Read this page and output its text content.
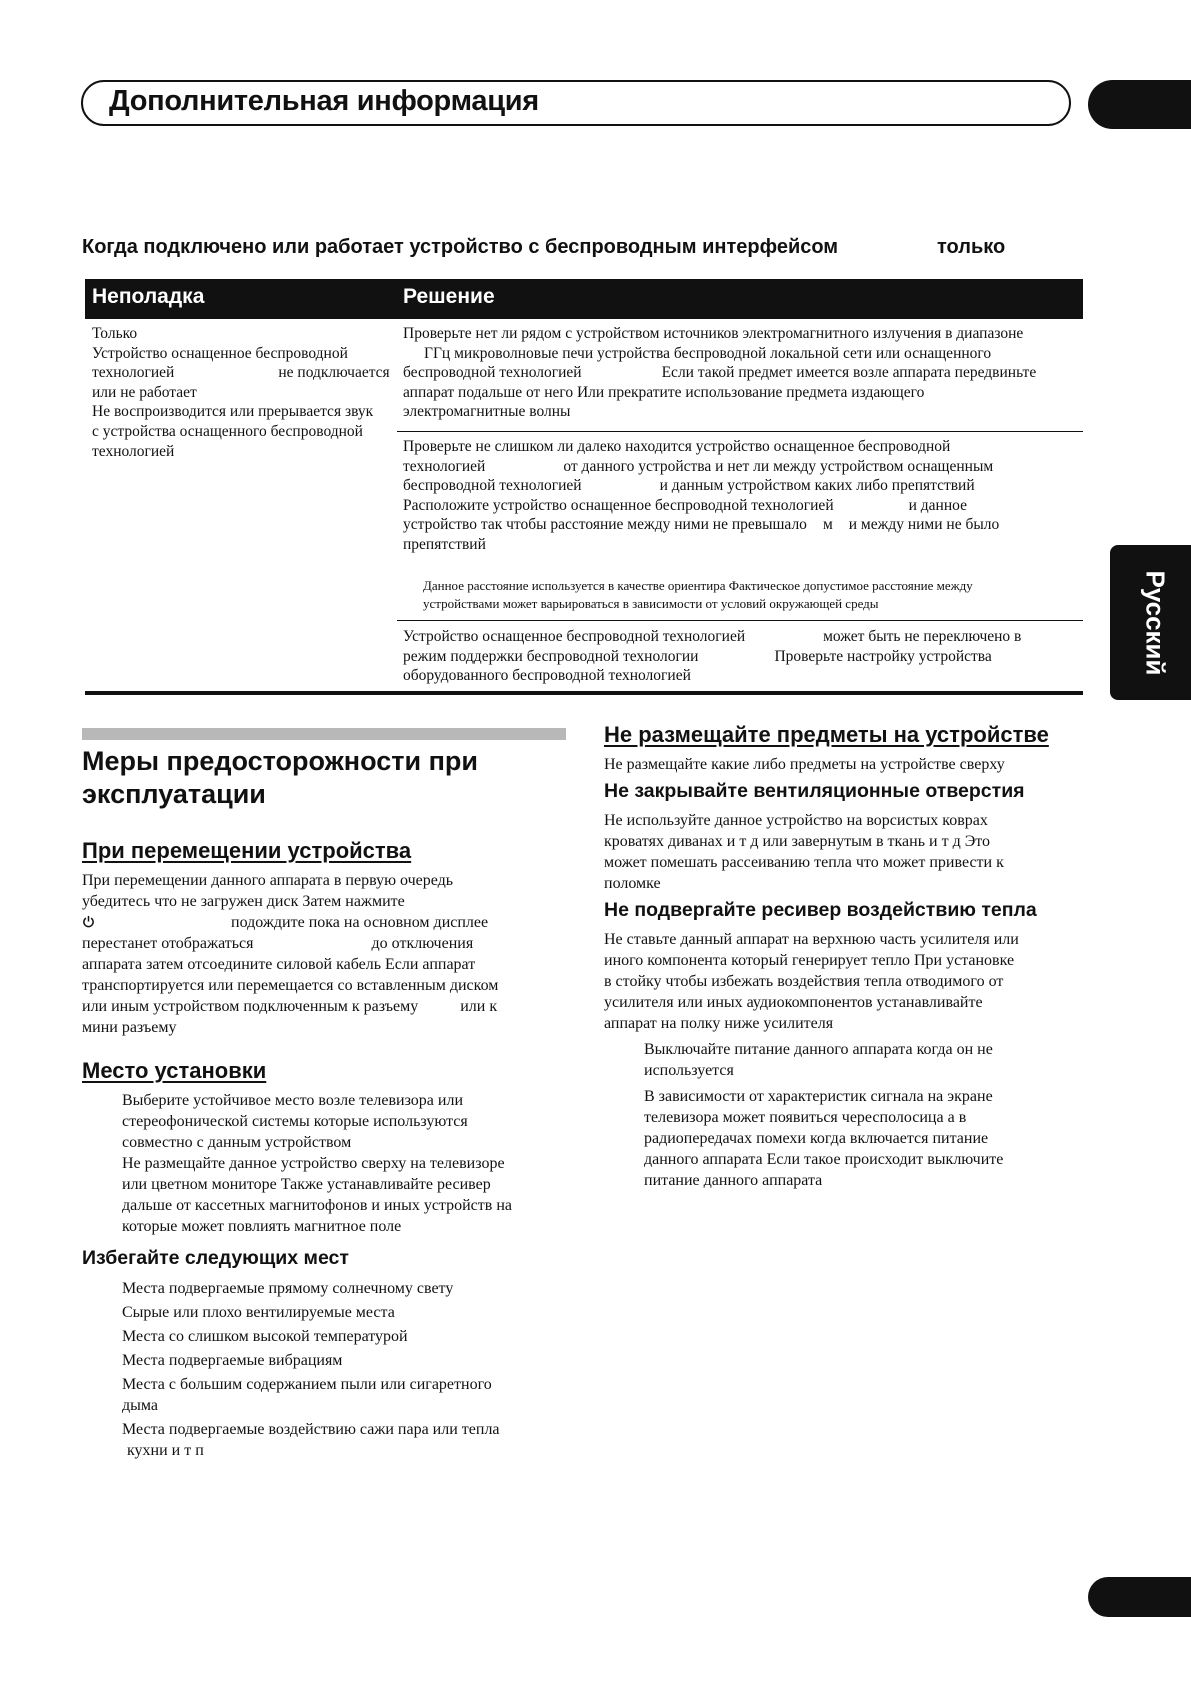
Дополнительная информация
Русский
Когда подключено или работает устройство с беспроводным интерфейсом	только
Неполадка	Решение
Только
Устройство оснащенное беспроводной
технологией	не подключается
или не работает
Не воспроизводится или прерывается звук
с устройства оснащенного беспроводной
технологией
Проверьте нет ли рядом с устройством источников электромагнитного излучения в диапазоне
ГГц микроволновые печи устройства беспроводной локальной сети или оснащенного
беспроводной технологией	Если такой предмет имеется возле аппарата передвиньте
аппарат подальше от него Или прекратите использование предмета издающего
электромагнитные волны
Проверьте не слишком ли далеко находится устройство оснащенное беспроводной
технологией	от данного устройства и нет ли между устройством оснащенным
беспроводной технологией	и данным устройством каких либо препятствий
Расположите устройство оснащенное беспроводной технологией	и данное
устройство так чтобы расстояние между ними не превышало м и между ними не было
препятствий
Данное расстояние используется в качестве ориентира Фактическое допустимое расстояние между
устройствами может варьироваться в зависимости от условий окружающей среды
Устройство оснащенное беспроводной технологией	может быть не переключено в
режим поддержки беспроводной технологии	Проверьте настройку устройства
оборудованного беспроводной технологией
Меры предосторожности при эксплуатации
При перемещении устройства
При перемещении данного аппарата в первую очередь
убедитесь что не загружен диск Затем нажмите
подождите пока на основном дисплее
перестанет отображаться	до отключения
аппарата затем отсоедините силовой кабель Если аппарат
транспортируется или перемещается со вставленным диском
или иным устройством подключенным к разъему	или к
мини разъему
Место установки
Выберите устойчивое место возле телевизора или
стереофонической системы которые используются
совместно с данным устройством
Не размещайте данное устройство сверху на телевизоре
или цветном мониторе Также устанавливайте ресивер
дальше от кассетных магнитофонов и иных устройств на
которые может повлиять магнитное поле
Избегайте следующих мест
Места подвергаемые прямому солнечному свету
Сырые или плохо вентилируемые места
Места со слишком высокой температурой
Места подвергаемые вибрациям
Места с большим содержанием пыли или сигаретного
дыма
Места подвергаемые воздействию сажи пара или тепла
кухни и т п
Не размещайте предметы на устройстве
Не размещайте какие либо предметы на устройстве сверху
Не закрывайте вентиляционные отверстия
Не используйте данное устройство на ворсистых коврах
кроватях диванах и т д или завернутым в ткань и т д Это
может помешать рассеиванию тепла что может привести к
поломке
Не подвергайте ресивер воздействию тепла
Не ставьте данный аппарат на верхнюю часть усилителя или
иного компонента который генерирует тепло При установке
в стойку чтобы избежать воздействия тепла отводимого от
усилителя или иных аудиокомпонентов устанавливайте
аппарат на полку ниже усилителя
Выключайте питание данного аппарата когда он не
используется
В зависимости от характеристик сигнала на экране
телевизора может появиться чересполосица а в
радиопередачах помехи когда включается питание
данного аппарата Если такое происходит выключите
питание данного аппарата
